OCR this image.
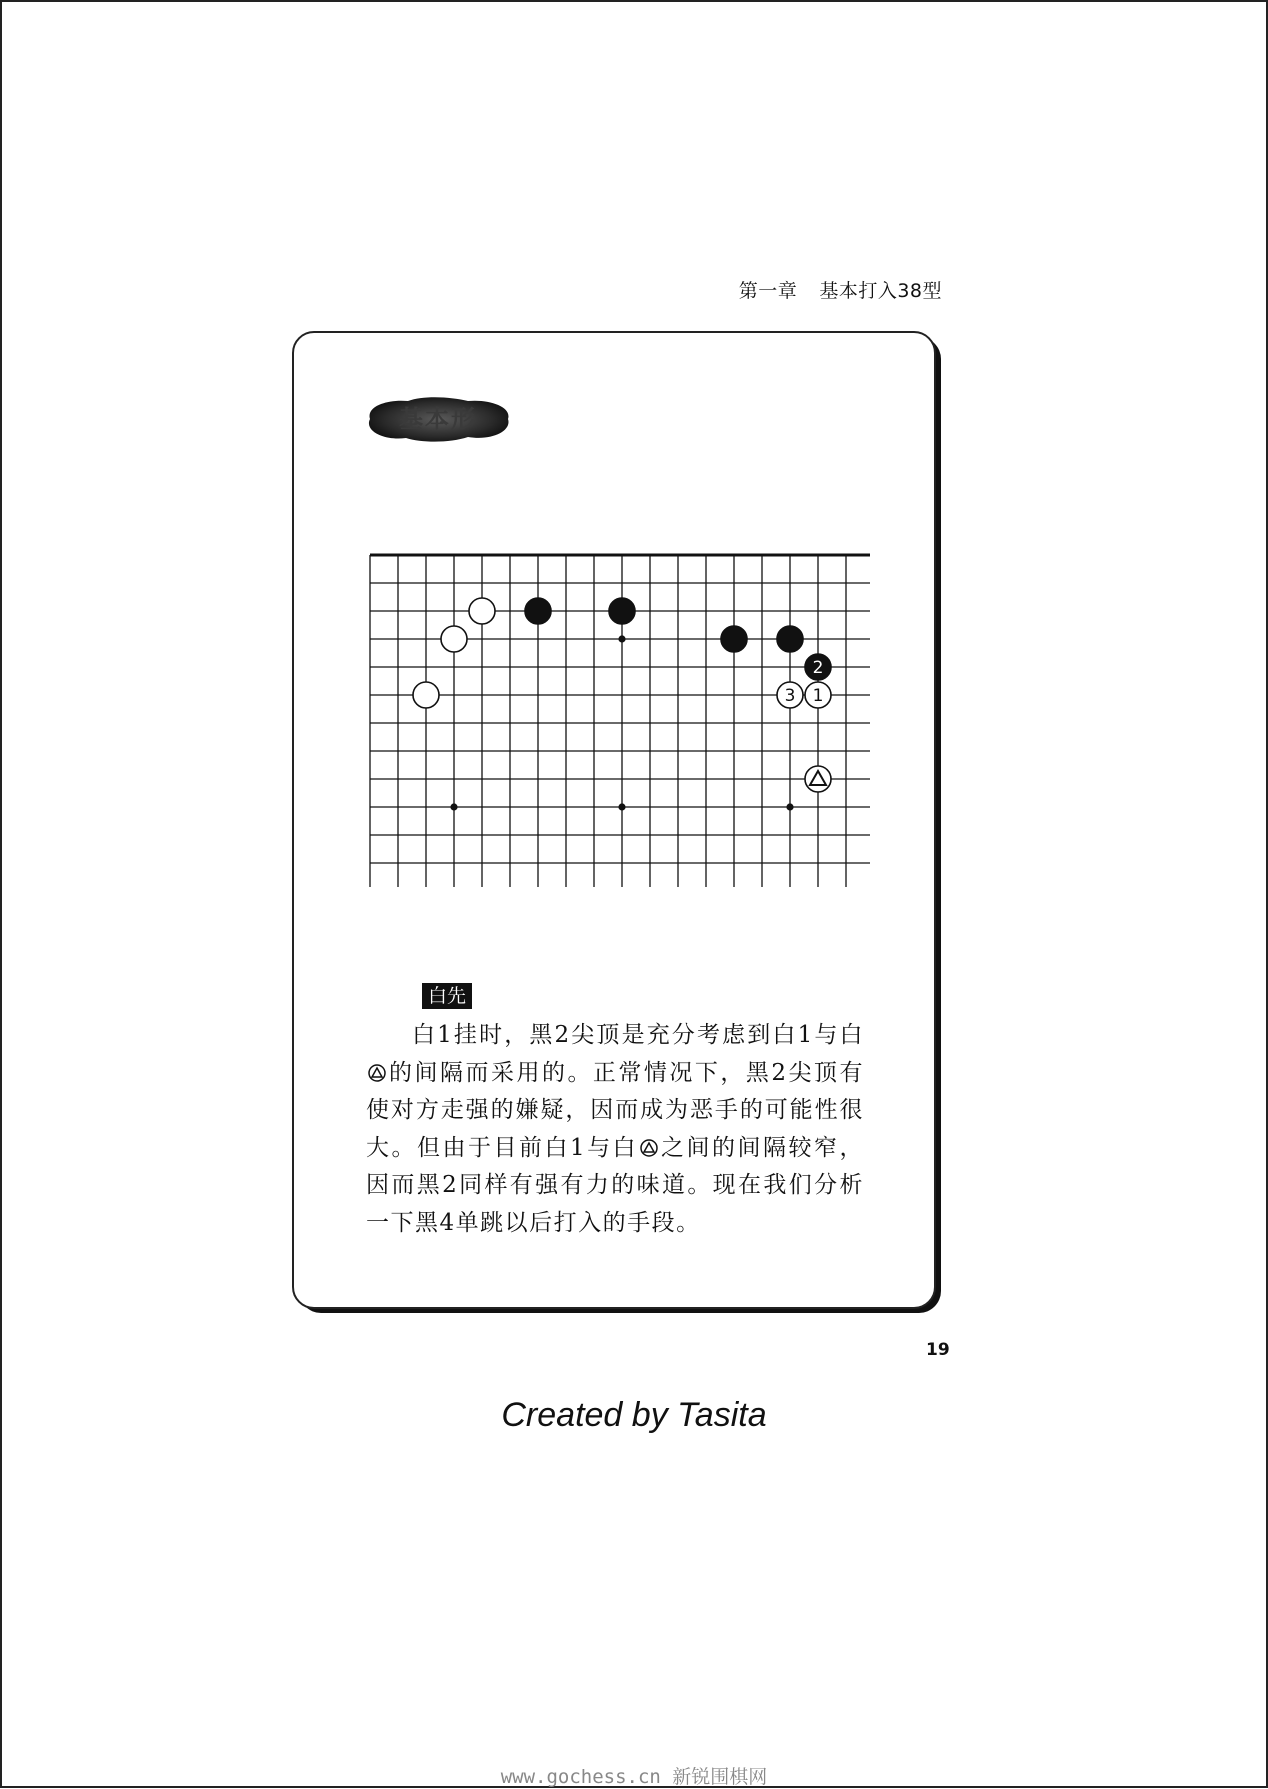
第一章 基本打入38型
基本形
2
1
3
白先
白1挂时，黑2尖顶是充分考虑到白1与白的间隔而采用的。正常情况下，黑2尖顶有使对方走强的嫌疑，因而成为恶手的可能性很大。但由于目前白1与白 之间的间隔较窄，因而黑2同样有强有力的味道。现在我们分析一下黑4单跳以后打入的手段。
19
Created by Tasita
www.gochess.cn 新锐围棋网
